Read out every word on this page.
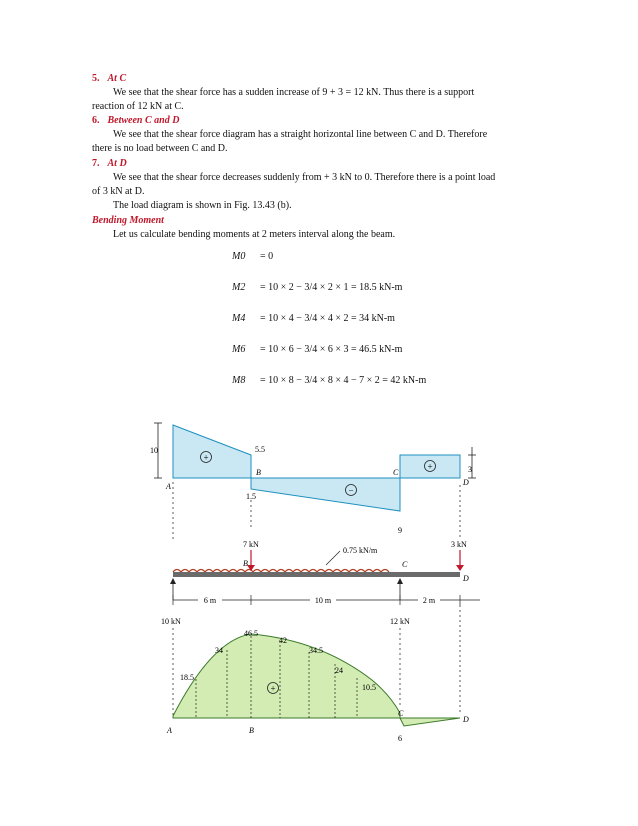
5. At C
We see that the shear force has a sudden increase of 9 + 3 = 12 kN. Thus there is a support
reaction of 12 kN at C.
6. Between C and D
We see that the shear force diagram has a straight horizontal line between C and D. Therefore
there is no load between C and D.
7. At D
We see that the shear force decreases suddenly from + 3 kN to 0. Therefore there is a point load
of 3 kN at D.
The load diagram is shown in Fig. 13.43 (b).
Bending Moment
Let us calculate bending moments at 2 meters interval along the beam.
M0 = 0
M2 = 10 × 2 − 3/4 × 2 × 1 = 18.5 kN-m
M4 = 10 × 4 − 3/4 × 4 × 2 = 34 kN-m
M6 = 10 × 6 − 3/4 × 6 × 3 = 46.5 kN-m
M8 = 10 × 8 − 3/4 × 8 × 4 − 7 × 2 = 42 kN-m
+
−
+
10	5.5
1.5
9
3
A
B	C
D
7 kN
0.75 kN/m
3 kN
B	C
D
6 m	10 m	2 m
10 kN	12 kN
+
18.5
34
46.5
42
34.5
24
10.5
6
A	B
C
D
